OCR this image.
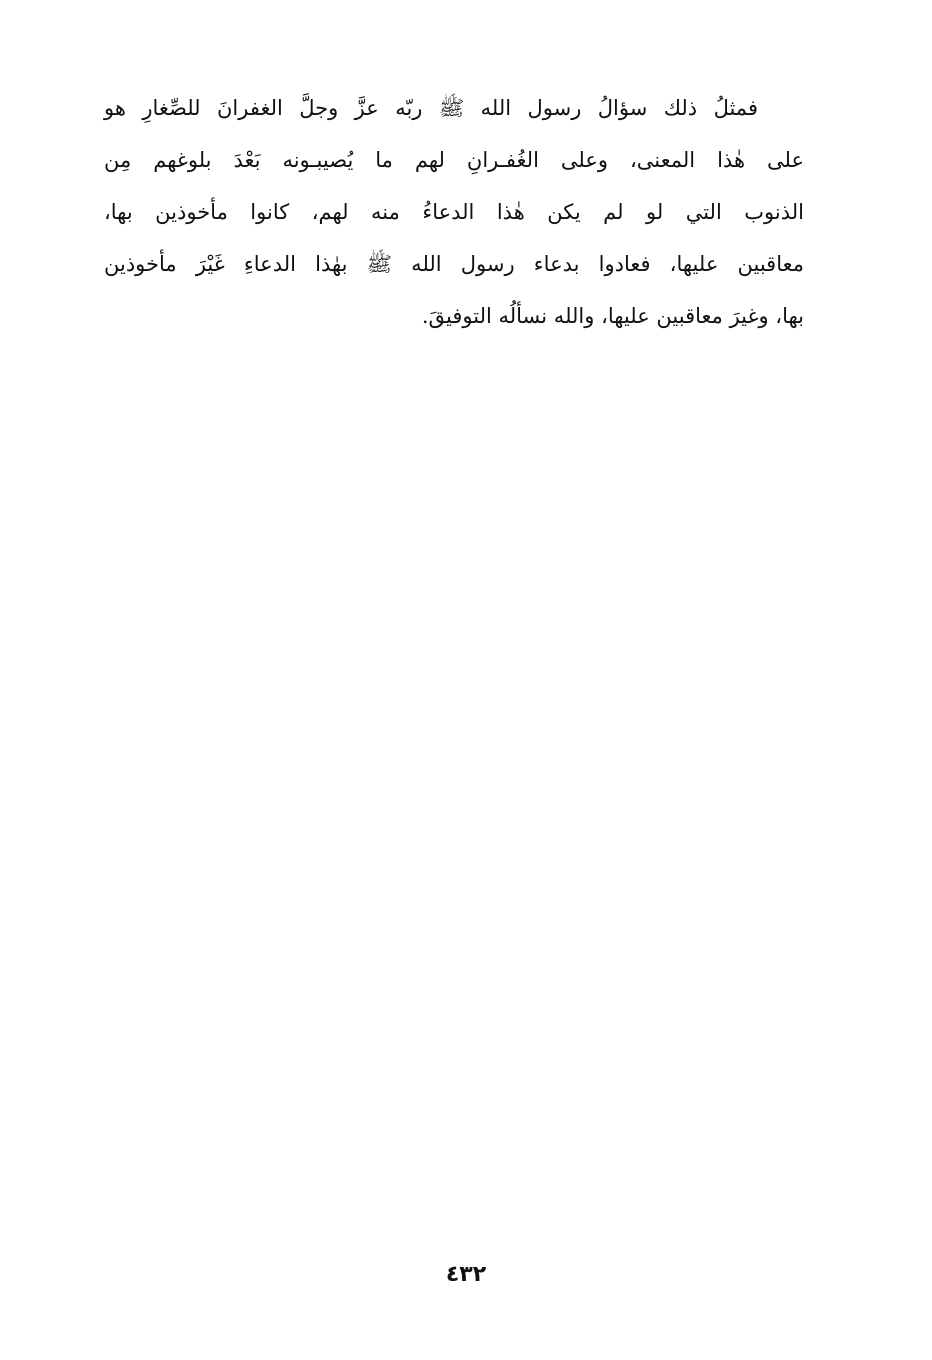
فمثلُ ذلك سؤالُ رسول الله ﷺ ربّه عزَّ وجلَّ الغفرانَ للصِّغارِ هو
على هٰذا المعنى، وعلى الغُفـرانِ لهم ما يُصيبـونه بَعْدَ بلوغهم مِن
الذنوب التي لو لم يكن هٰذا الدعاءُ منه لهم، كانوا مأخوذين بها،
معاقبين عليها، فعادوا بدعاء رسول الله ﷺ بهٰذا الدعاءِ غَيْرَ مأخوذين
بها، وغيرَ معاقبين عليها، والله نسألُه التوفيقَ.
٤٣٢
